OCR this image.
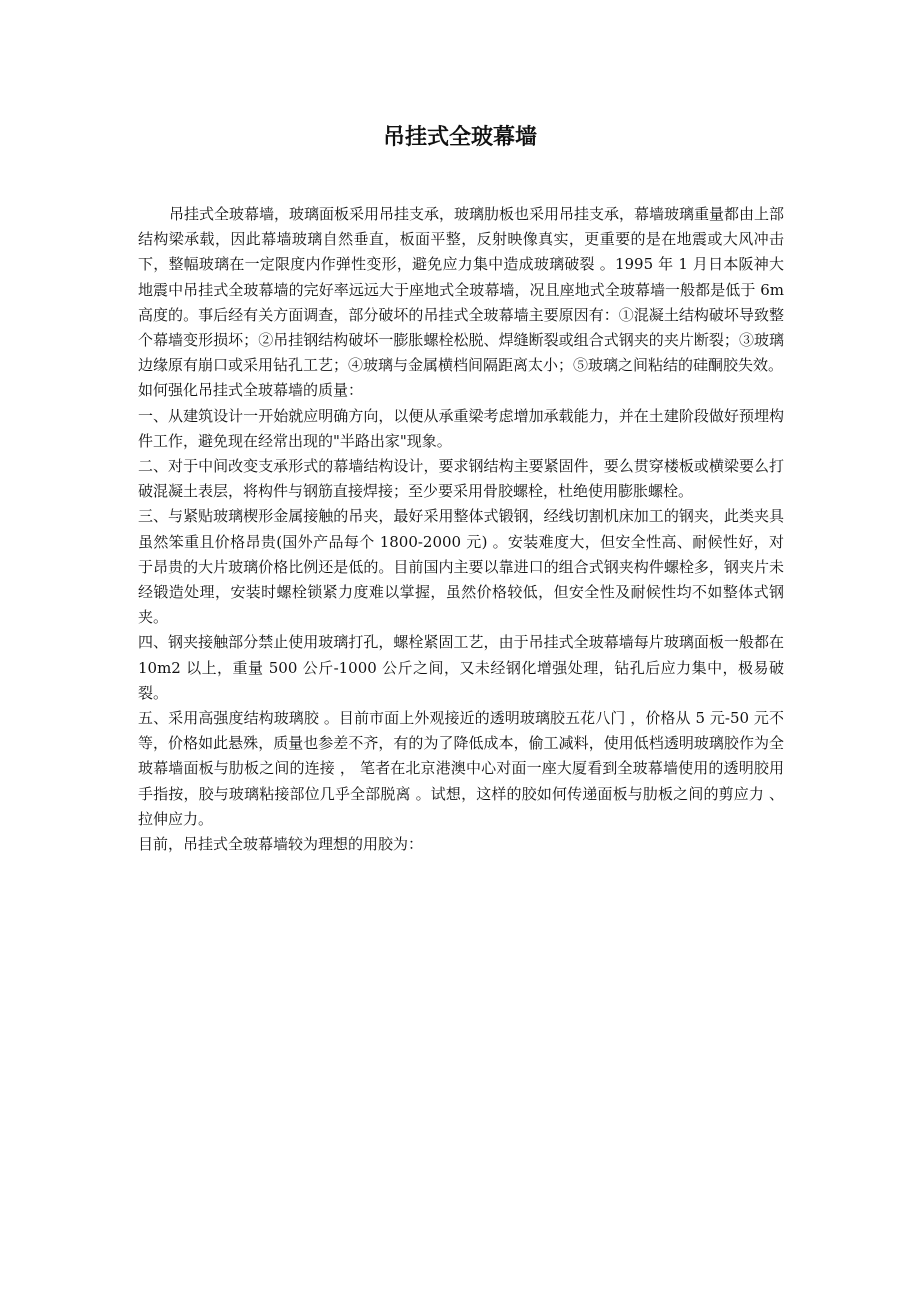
吊挂式全玻幕墙

吊挂式全玻幕墙，玻璃面板采用吊挂支承，玻璃肋板也采用吊挂支承，幕墙玻璃重量都由上部结构梁承载，因此幕墙玻璃自然垂直，板面平整，反射映像真实，更重要的是在地震或大风冲击下，整幅玻璃在一定限度内作弹性变形，避免应力集中造成玻璃破裂 。1995 年 1 月日本阪神大地震中吊挂式全玻幕墙的完好率远远大于座地式全玻幕墙，况且座地式全玻幕墙一般都是低于 6m 高度的。事后经有关方面调查，部分破坏的吊挂式全玻幕墙主要原因有：①混凝土结构破坏导致整个幕墙变形损坏；②吊挂钢结构破坏一膨胀螺栓松脱、焊缝断裂或组合式钢夹的夹片断裂；③玻璃边缘原有崩口或采用钻孔工艺；④玻璃与金属横档间隔距离太小；⑤玻璃之间粘结的硅酮胶失效。

如何强化吊挂式全玻幕墙的质量：

一、从建筑设计一开始就应明确方向，以便从承重梁考虑增加承载能力，并在土建阶段做好预埋构件工作，避免现在经常出现的"半路出家"现象。

二、对于中间改变支承形式的幕墙结构设计，要求钢结构主要紧固件，要么贯穿楼板或横梁要么打破混凝土表层，将构件与钢筋直接焊接；至少要采用骨胶螺栓，杜绝使用膨胀螺栓。

三、与紧贴玻璃楔形金属接触的吊夹，最好采用整体式锻钢，经线切割机床加工的钢夹，此类夹具虽然笨重且价格昂贵(国外产品每个 1800-2000 元) 。安装难度大，但安全性高、耐候性好，对于昂贵的大片玻璃价格比例还是低的。目前国内主要以靠进口的组合式钢夹构件螺栓多，钢夹片未经锻造处理，安装时螺栓锁紧力度难以掌握，虽然价格较低，但安全性及耐候性均不如整体式钢夹。

四、钢夹接触部分禁止使用玻璃打孔，螺栓紧固工艺，由于吊挂式全玻幕墙每片玻璃面板一般都在 10m2 以上，重量 500 公斤-1000 公斤之间，又未经钢化增强处理，钻孔后应力集中，极易破裂。

五、采用高强度结构玻璃胶 。目前市面上外观接近的透明玻璃胶五花八门 ，价格从 5 元-50 元不等，价格如此悬殊，质量也参差不齐，有的为了降低成本，偷工减料，使用低档透明玻璃胶作为全玻幕墙面板与肋板之间的连接 ， 笔者在北京港澳中心对面一座大厦看到全玻幕墙使用的透明胶用手指按，胶与玻璃粘接部位几乎全部脱离 。试想，这样的胶如何传递面板与肋板之间的剪应力 、拉伸应力。

目前，吊挂式全玻幕墙较为理想的用胶为：
